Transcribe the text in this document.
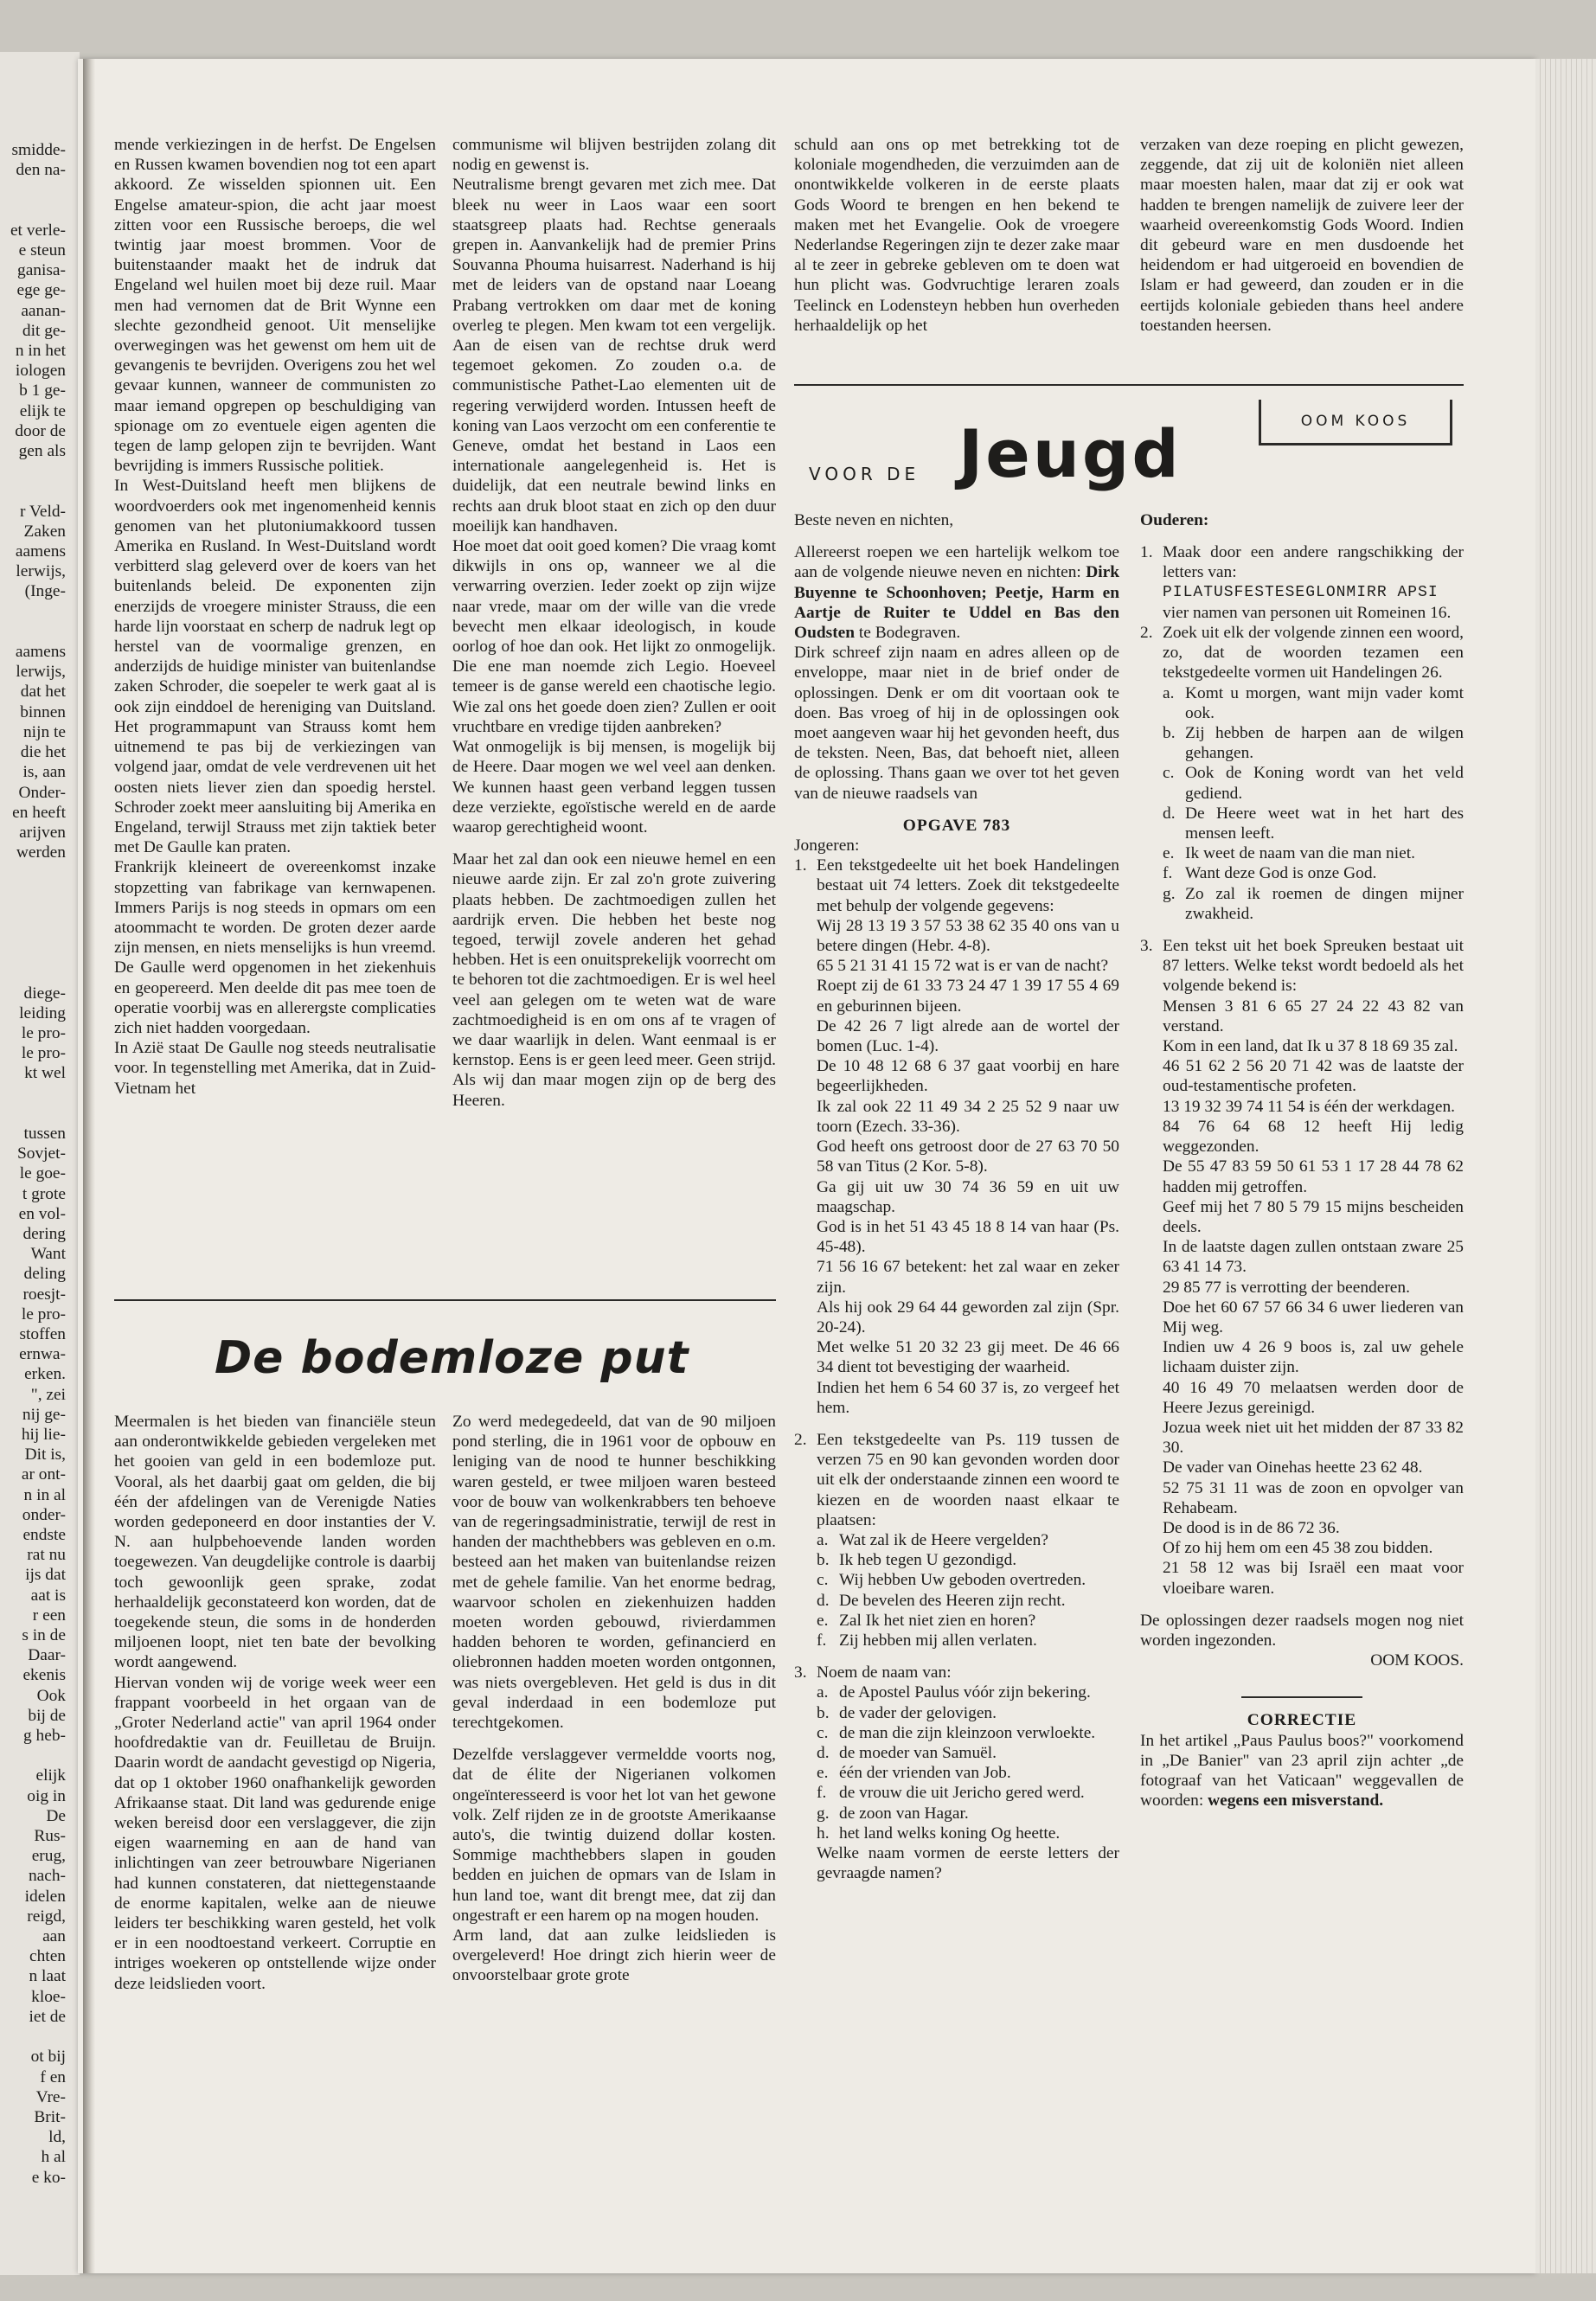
smidde-
den na-

et verle-
e steun
ganisa-
ege ge-
aanan-
dit ge-
n in het
iologen
b 1 ge-
elijk te
door de
gen als

r Veld-
Zaken
aamens
lerwijs,
(Inge-

aamens
lerwijs,
dat het
binnen
nijn te
die het
is, aan
Onder-
en heeft
arijven
werden

diege-
leiding
le pro-
le pro-
kt wel

tussen
Sovjet-
le goe-
t grote
en vol-
dering
Want
deling
roesjt-
le pro-
stoffen
ernwa-
erken.
", zei
nij ge-
hij lie-
Dit is,
ar ont-
n in al
onder-
endste
rat nu
ijs dat
aat is
r een
s in de
Daar-
ekenis
Ook
bij de
g heb-

elijk
oig in
De
Rus-
erug,
nach-
idelen
reigd,
aan
chten
n laat
kloe-
iet de

ot bij
f en
Vre-
Brit-
ld,
h al
e ko-

mende verkiezingen in de herfst. De Engelsen en Russen kwamen bovendien nog tot een apart akkoord. Ze wisselden spionnen uit. Een Engelse amateur-spion, die acht jaar moest zitten voor een Russische beroeps, die wel twintig jaar moest brommen. Voor de buitenstaander maakt het de indruk dat Engeland wel huilen moet bij deze ruil. Maar men had vernomen dat de Brit Wynne een slechte gezondheid genoot. Uit menselijke overwegingen was het gewenst om hem uit de gevangenis te bevrijden. Overigens zou het wel gevaar kunnen, wanneer de communisten zo maar iemand opgrepen op beschuldiging van spionage om zo eventuele eigen agenten die tegen de lamp gelopen zijn te bevrijden. Want bevrijding is immers Russische politiek.

In West-Duitsland heeft men blijkens de woordvoerders ook met ingenomenheid kennis genomen van het plutoniumakkoord tussen Amerika en Rusland. In West-Duitsland wordt verbitterd slag geleverd over de koers van het buitenlands beleid. De exponenten zijn enerzijds de vroegere minister Strauss, die een harde lijn voorstaat en scherp de nadruk legt op herstel van de voormalige grenzen, en anderzijds de huidige minister van buitenlandse zaken Schroder, die soepeler te werk gaat al is ook zijn einddoel de hereniging van Duitsland. Het programmapunt van Strauss komt hem uitnemend te pas bij de verkiezingen van volgend jaar, omdat de vele verdrevenen uit het oosten niets liever zien dan spoedig herstel. Schroder zoekt meer aansluiting bij Amerika en Engeland, terwijl Strauss met zijn taktiek beter met De Gaulle kan praten.

Frankrijk kleineert de overeenkomst inzake stopzetting van fabrikage van kernwapenen. Immers Parijs is nog steeds in opmars om een atoommacht te worden. De groten dezer aarde zijn mensen, en niets menselijks is hun vreemd. De Gaulle werd opgenomen in het ziekenhuis en geopereerd. Men deelde dit pas mee toen de operatie voorbij was en allerergste complicaties zich niet hadden voorgedaan.

In Azië staat De Gaulle nog steeds neutralisatie voor. In tegenstelling met Amerika, dat in Zuid-Vietnam het

communisme wil blijven bestrijden zolang dit nodig en gewenst is.

Neutralisme brengt gevaren met zich mee. Dat bleek nu weer in Laos waar een soort staatsgreep plaats had. Rechtse generaals grepen in. Aanvankelijk had de premier Prins Souvanna Phouma huisarrest. Naderhand is hij met de leiders van de opstand naar Loeang Prabang vertrokken om daar met de koning overleg te plegen. Men kwam tot een vergelijk. Aan de eisen van de rechtse druk werd tegemoet gekomen. Zo zouden o.a. de communistische Pathet-Lao elementen uit de regering verwijderd worden. Intussen heeft de koning van Laos verzocht om een conferentie te Geneve, omdat het bestand in Laos een internationale aangelegenheid is. Het is duidelijk, dat een neutrale bewind links en rechts aan druk bloot staat en zich op den duur moeilijk kan handhaven.

Hoe moet dat ooit goed komen? Die vraag komt dikwijls in ons op, wanneer we al die verwarring overzien. Ieder zoekt op zijn wijze naar vrede, maar om der wille van die vrede bevecht men elkaar ideologisch, in koude oorlog of hoe dan ook. Het lijkt zo onmogelijk. Die ene man noemde zich Legio. Hoeveel temeer is de ganse wereld een chaotische legio. Wie zal ons het goede doen zien? Zullen er ooit vruchtbare en vredige tijden aanbreken?

Wat onmogelijk is bij mensen, is mogelijk bij de Heere. Daar mogen we wel veel aan denken. We kunnen haast geen verband leggen tussen deze verziekte, egoïstische wereld en de aarde waarop gerechtigheid woont.

Maar het zal dan ook een nieuwe hemel en een nieuwe aarde zijn. Er zal zo'n grote zuivering plaats hebben. De zachtmoedigen zullen het aardrijk erven. Die hebben het beste nog tegoed, terwijl zovele anderen het gehad hebben. Het is een onuitsprekelijk voorrecht om te behoren tot die zachtmoedigen. Er is wel heel veel aan gelegen om te weten wat de ware zachtmoedigheid is en om ons af te vragen of we daar waarlijk in delen. Want eenmaal is er kernstop. Eens is er geen leed meer. Geen strijd. Als wij dan maar mogen zijn op de berg des Heeren.

De bodemloze put

Meermalen is het bieden van financiële steun aan onderontwikkelde gebieden vergeleken met het gooien van geld in een bodemloze put. Vooral, als het daarbij gaat om gelden, die bij één der afdelingen van de Verenigde Naties worden gedeponeerd en door instanties der V. N. aan hulpbehoevende landen worden toegewezen. Van deugdelijke controle is daarbij toch gewoonlijk geen sprake, zodat herhaaldelijk geconstateerd kon worden, dat de toegekende steun, die soms in de honderden miljoenen loopt, niet ten bate der bevolking wordt aangewend.

Hiervan vonden wij de vorige week weer een frappant voorbeeld in het orgaan van de „Groter Nederland actie" van april 1964 onder hoofdredaktie van dr. Feuilletau de Bruijn. Daarin wordt de aandacht gevestigd op Nigeria, dat op 1 oktober 1960 onafhankelijk geworden Afrikaanse staat. Dit land was gedurende enige weken bereisd door een verslaggever, die zijn eigen waarneming en aan de hand van inlichtingen van zeer betrouwbare Nigerianen had kunnen constateren, dat niettegenstaande de enorme kapitalen, welke aan de nieuwe leiders ter beschikking waren gesteld, het volk er in een noodtoestand verkeert. Corruptie en intriges woekeren op ontstellende wijze onder deze leidslieden voort.

Zo werd medegedeeld, dat van de 90 miljoen pond sterling, die in 1961 voor de opbouw en leniging van de nood te hunner beschikking waren gesteld, er twee miljoen waren besteed voor de bouw van wolkenkrabbers ten behoeve van de regeringsadministratie, terwijl de rest in handen der machthebbers was gebleven en o.m. besteed aan het maken van buitenlandse reizen met de gehele familie. Van het enorme bedrag, waarvoor scholen en ziekenhuizen hadden moeten worden gebouwd, rivierdammen hadden behoren te worden, gefinancierd en oliebronnen hadden moeten worden ontgonnen, was niets overgebleven. Het geld is dus in dit geval inderdaad in een bodemloze put terechtgekomen.

Dezelfde verslaggever vermeldde voorts nog, dat de élite der Nigerianen volkomen ongeïnteresseerd is voor het lot van het gewone volk. Zelf rijden ze in de grootste Amerikaanse auto's, die twintig duizend dollar kosten. Sommige machthebbers slapen in gouden bedden en juichen de opmars van de Islam in hun land toe, want dit brengt mee, dat zij dan ongestraft er een harem op na mogen houden.

Arm land, dat aan zulke leidslieden is overgeleverd! Hoe dringt zich hierin weer de onvoorstelbaar grote grote

schuld aan ons op met betrekking tot de koloniale mogendheden, die verzuimden aan de onontwikkelde volkeren in de eerste plaats Gods Woord te brengen en hen bekend te maken met het Evangelie. Ook de vroegere Nederlandse Regeringen zijn te dezer zake maar al te zeer in gebreke gebleven om te doen wat hun plicht was. Godvruchtige leraren zoals Teelinck en Lodensteyn hebben hun overheden herhaaldelijk op het

verzaken van deze roeping en plicht gewezen, zeggende, dat zij uit de koloniën niet alleen maar moesten halen, maar dat zij er ook wat hadden te brengen namelijk de zuivere leer der waarheid overeenkomstig Gods Woord. Indien dit gebeurd ware en men dusdoende het heidendom er had uitgeroeid en bovendien de Islam er had geweerd, dan zouden er in die eertijds koloniale gebieden thans heel andere toestanden heersen.

VOOR DE Jeugd	OOM KOOS

Beste neven en nichten,

Allereerst roepen we een hartelijk welkom toe aan de volgende nieuwe neven en nichten: Dirk Buyenne te Schoonhoven; Peetje, Harm en Aartje de Ruiter te Uddel en Bas den Oudsten te Bodegraven.

Dirk schreef zijn naam en adres alleen op de enveloppe, maar niet in de brief onder de oplossingen. Denk er om dit voortaan ook te doen. Bas vroeg of hij in de oplossingen ook moet aangeven waar hij het gevonden heeft, dus de teksten. Neen, Bas, dat behoeft niet, alleen de oplossing. Thans gaan we over tot het geven van de nieuwe raadsels van

OPGAVE 783

Jongeren:

1. Een tekstgedeelte uit het boek Handelingen bestaat uit 74 letters. Zoek dit tekstgedeelte met behulp der volgende gegevens:

Wij 28 13 19 3 57 53 38 62 35 40 ons van u betere dingen (Hebr. 4-8).

65 5 21 31 41 15 72 wat is er van de nacht?

Roept zij de 61 33 73 24 47 1 39 17 55 4 69 en geburinnen bijeen.

De 42 26 7 ligt alrede aan de wortel der bomen (Luc. 1-4).

De 10 48 12 68 6 37 gaat voorbij en hare begeerlijkheden.

Ik zal ook 22 11 49 34 2 25 52 9 naar uw toorn (Ezech. 33-36).

God heeft ons getroost door de 27 63 70 50 58 van Titus (2 Kor. 5-8).

Ga gij uit uw 30 74 36 59 en uit uw maagschap.

God is in het 51 43 45 18 8 14 van haar (Ps. 45-48).

71 56 16 67 betekent: het zal waar en zeker zijn.

Als hij ook 29 64 44 geworden zal zijn (Spr. 20-24).

Met welke 51 20 32 23 gij meet. De 46 66 34 dient tot bevestiging der waarheid.

Indien het hem 6 54 60 37 is, zo vergeef het hem.

2. Een tekstgedeelte van Ps. 119 tussen de verzen 75 en 90 kan gevonden worden door uit elk der onderstaande zinnen een woord te kiezen en de woorden naast elkaar te plaatsen:

a. Wat zal ik de Heere vergelden?
b. Ik heb tegen U gezondigd.
c. Wij hebben Uw geboden overtreden.
d. De bevelen des Heeren zijn recht.
e. Zal Ik het niet zien en horen?
f. Zij hebben mij allen verlaten.
3. Noem de naam van:

a. de Apostel Paulus vóór zijn bekering.
b. de vader der gelovigen.
c. de man die zijn kleinzoon verwloekte.
d. de moeder van Samuël.
e. één der vrienden van Job.
f. de vrouw die uit Jericho gered werd.
g. de zoon van Hagar.
h. het land welks koning Og heette.

Welke naam vormen de eerste letters der gevraagde namen?

Ouderen:

1. Maak door een andere rangschikking der letters van:

PILATUSFESTESEGLONMIRR APSI

vier namen van personen uit Romeinen 16.

2. Zoek uit elk der volgende zinnen een woord, zo, dat de woorden tezamen een tekstgedeelte vormen uit Handelingen 26.

a. Komt u morgen, want mijn vader komt ook.
b. Zij hebben de harpen aan de wilgen gehangen.
c. Ook de Koning wordt van het veld gediend.
d. De Heere weet wat in het hart des mensen leeft.
e. Ik weet de naam van die man niet.
f. Want deze God is onze God.
g. Zo zal ik roemen de dingen mijner zwakheid.
3. Een tekst uit het boek Spreuken bestaat uit 87 letters. Welke tekst wordt bedoeld als het volgende bekend is:

Mensen 3 81 6 65 27 24 22 43 82 van verstand.

Kom in een land, dat Ik u 37 8 18 69 35 zal.

46 51 62 2 56 20 71 42 was de laatste der oud-testamentische profeten.

13 19 32 39 74 11 54 is één der werkdagen.

84 76 64 68 12 heeft Hij ledig weggezonden.

De 55 47 83 59 50 61 53 1 17 28 44 78 62 hadden mij getroffen.

Geef mij het 7 80 5 79 15 mijns bescheiden deels.

In de laatste dagen zullen ontstaan zware 25 63 41 14 73.

29 85 77 is verrotting der beenderen.

Doe het 60 67 57 66 34 6 uwer liederen van Mij weg.

Indien uw 4 26 9 boos is, zal uw gehele lichaam duister zijn.

40 16 49 70 melaatsen werden door de Heere Jezus gereinigd.

Jozua week niet uit het midden der 87 33 82 30.

De vader van Oinehas heette 23 62 48.

52 75 31 11 was de zoon en opvolger van Rehabeam.

De dood is in de 86 72 36.

Of zo hij hem om een 45 38 zou bidden.

21 58 12 was bij Israël een maat voor vloeibare waren.

De oplossingen dezer raadsels mogen nog niet worden ingezonden.

OOM KOOS.

CORRECTIE

In het artikel „Paus Paulus boos?" voorkomend in „De Banier" van 23 april zijn achter „de fotograaf van het Vaticaan" weggevallen de woorden: wegens een misverstand.
